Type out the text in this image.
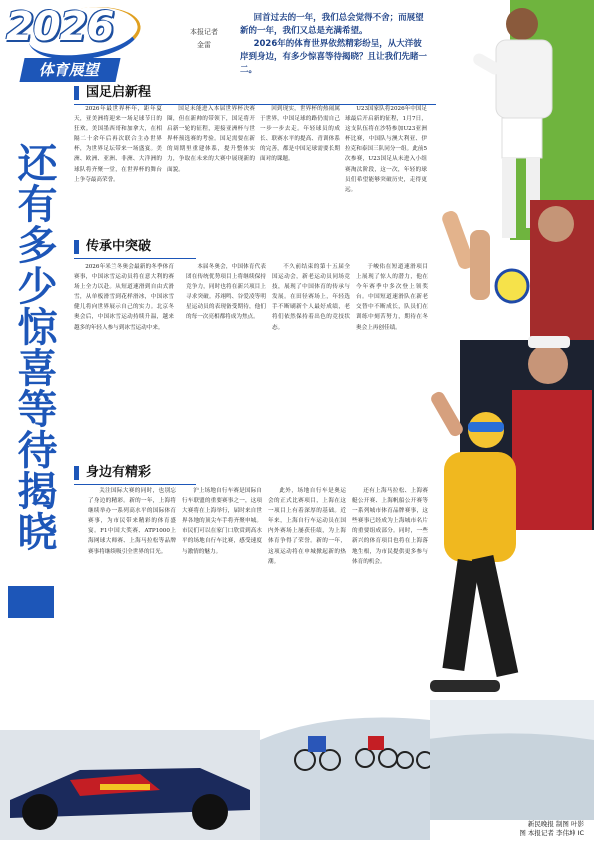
2026
体育展望
本报记者
金雷

回首过去的一年，我们总会觉得不舍；而展望新的一年，我们又总是充满希望。

2026年的体育世界依然精彩纷呈，从大洋彼岸到身边，有多少惊喜等待揭晓？且让我们先睹一二。

还有多少惊喜等待揭晓
国足启新程

2026年最世界杯年，距年夏天，亚美洲将迎来一场足球节日的狂欢。美国墨西哥和加拿大，在相隔二十余年后再次联合主办世界杯，为世界足坛带来一场盛宴。美洲、欧洲、亚洲、非洲、大洋洲的球队将齐聚一堂，在世界杯的舞台上争夺最高荣誉。

国足未能进入本届世界杯决赛圈，但在新帅的带领下，国足将开启新一轮的征程，迎接亚洲杯与世界杯预选赛的考验。国足需要在新的周期里重建体系，提升整体实力，争取在未来的大赛中展现新的面貌。

回到现实，世界杯的热闹属于世界，中国足球的路仍需自己一步一步去走。年轻球员的成长、联赛水平的提高、青训体系的完善，都是中国足球需要长期面对的课题。

U23国家队将2026年中国足球最后开启新的征程，1月7日，这支队伍将在沙特参加U23亚洲杯比赛，中国队与澳大利亚、伊拉克和泰国三队同分一组。此前5次参赛，U23国足从未进入小组赛淘汰阶段，这一次，年轻的球员们希望能够突破历史，走得更远。

传承中突破

2026年米兰冬奥会最新的冬季体育赛事，中国冰雪运动员将在意大利的赛场上全力以赴。从短道速滑到自由式滑雪，从单板滑雪到花样滑冰，中国冰雪健儿将向世界展示自己的实力。北京冬奥会后，中国冰雪运动持续升温，越来越多的年轻人参与到冰雪运动中来。

本届冬奥会，中国体育代表团在传统优势项目上将继续保持竞争力，同时也将在新兴项目上寻求突破。苏翊鸣、谷爱凌等明星运动员的表现备受期待，他们的每一次亮相都将成为焦点。

不久前结束的第十五届全国运动会，新老运动员同场竞技，展现了中国体育的传承与发展。在田径赛场上，年轻选手不断刷新个人最好成绩，老将们依然保持着出色的竞技状态。

于峻佑在短道速滑项目上展现了惊人的潜力，他在今年赛季中多次登上领奖台。中国短道速滑队在新老交替中不断成长，队员们在训练中刻苦努力，期待在冬奥会上再创佳绩。

身边有精彩

关注国际大赛的同时，也别忘了身边的精彩。新的一年，上海将继续举办一系列高水平的国际体育赛事，为市民带来精彩的体育盛宴。F1中国大奖赛、ATP1000上海网球大师赛、上海马拉松等品牌赛事将继续吸引全世界的目光。

沪上场地自行车赛是国际自行车联盟的重要赛事之一，这项大赛将在上海举行，届时来自世界各地的顶尖车手将齐聚申城。市民们可以在家门口欣赏到高水平的场地自行车比赛，感受速度与激情的魅力。

此外，场地自行车是奥运会的正式比赛项目，上海在这一项目上有着深厚的基础。近年来，上海自行车运动员在国内外赛场上屡获佳绩，为上海体育争得了荣誉。新的一年，这项运动将在申城掀起新的热潮。

还有上海马拉松、上海赛艇公开赛、上海帆船公开赛等一系列城市体育品牌赛事，这些赛事已经成为上海城市名片的重要组成部分。同时，一些新兴的体育项目也将在上海落地生根，为市民提供更多参与体育的机会。

新民晚报 制图 叶影
图 本报记者 李伟坤 IC
